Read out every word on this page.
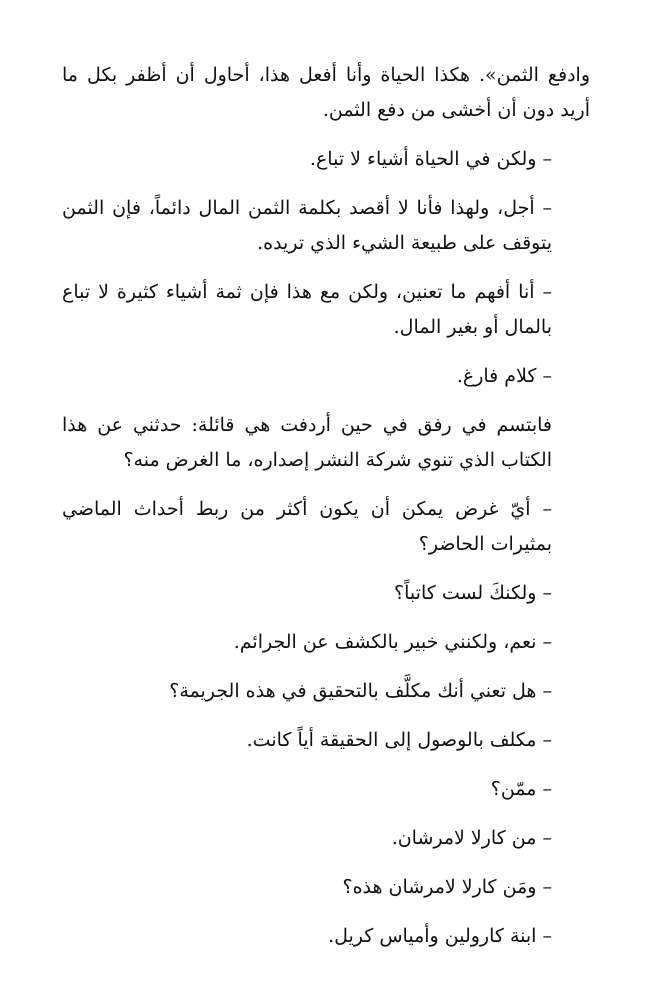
وادفع الثمن». هكذا الحياة وأنا أفعل هذا، أحاول أن أظفر بكل ما أريد دون أن أخشى من دفع الثمن.

– ولكن في الحياة أشياء لا تباع.

– أجل، ولهذا فأنا لا أقصد بكلمة الثمن المال دائماً، فإن الثمن يتوقف على طبيعة الشيء الذي تريده.

– أنا أفهم ما تعنين، ولكن مع هذا فإن ثمة أشياء كثيرة لا تباع بالمال أو بغير المال.

– كلام فارغ.

فابتسم في رفق في حين أردفت هي قائلة: حدثني عن هذا الكتاب الذي تنوي شركة النشر إصداره، ما الغرض منه؟

– أيّ غرض يمكن أن يكون أكثر من ربط أحداث الماضي بمثيرات الحاضر؟

– ولكنكَ لست كاتباً؟

– نعم، ولكنني خبير بالكشف عن الجرائم.

– هل تعني أنك مكلَّف بالتحقيق في هذه الجريمة؟

– مكلف بالوصول إلى الحقيقة أياً كانت.

– ممّن؟

– من كارلا لامرشان.

– ومَن كارلا لامرشان هذه؟

– ابنة كارولين وأمياس كريل.
